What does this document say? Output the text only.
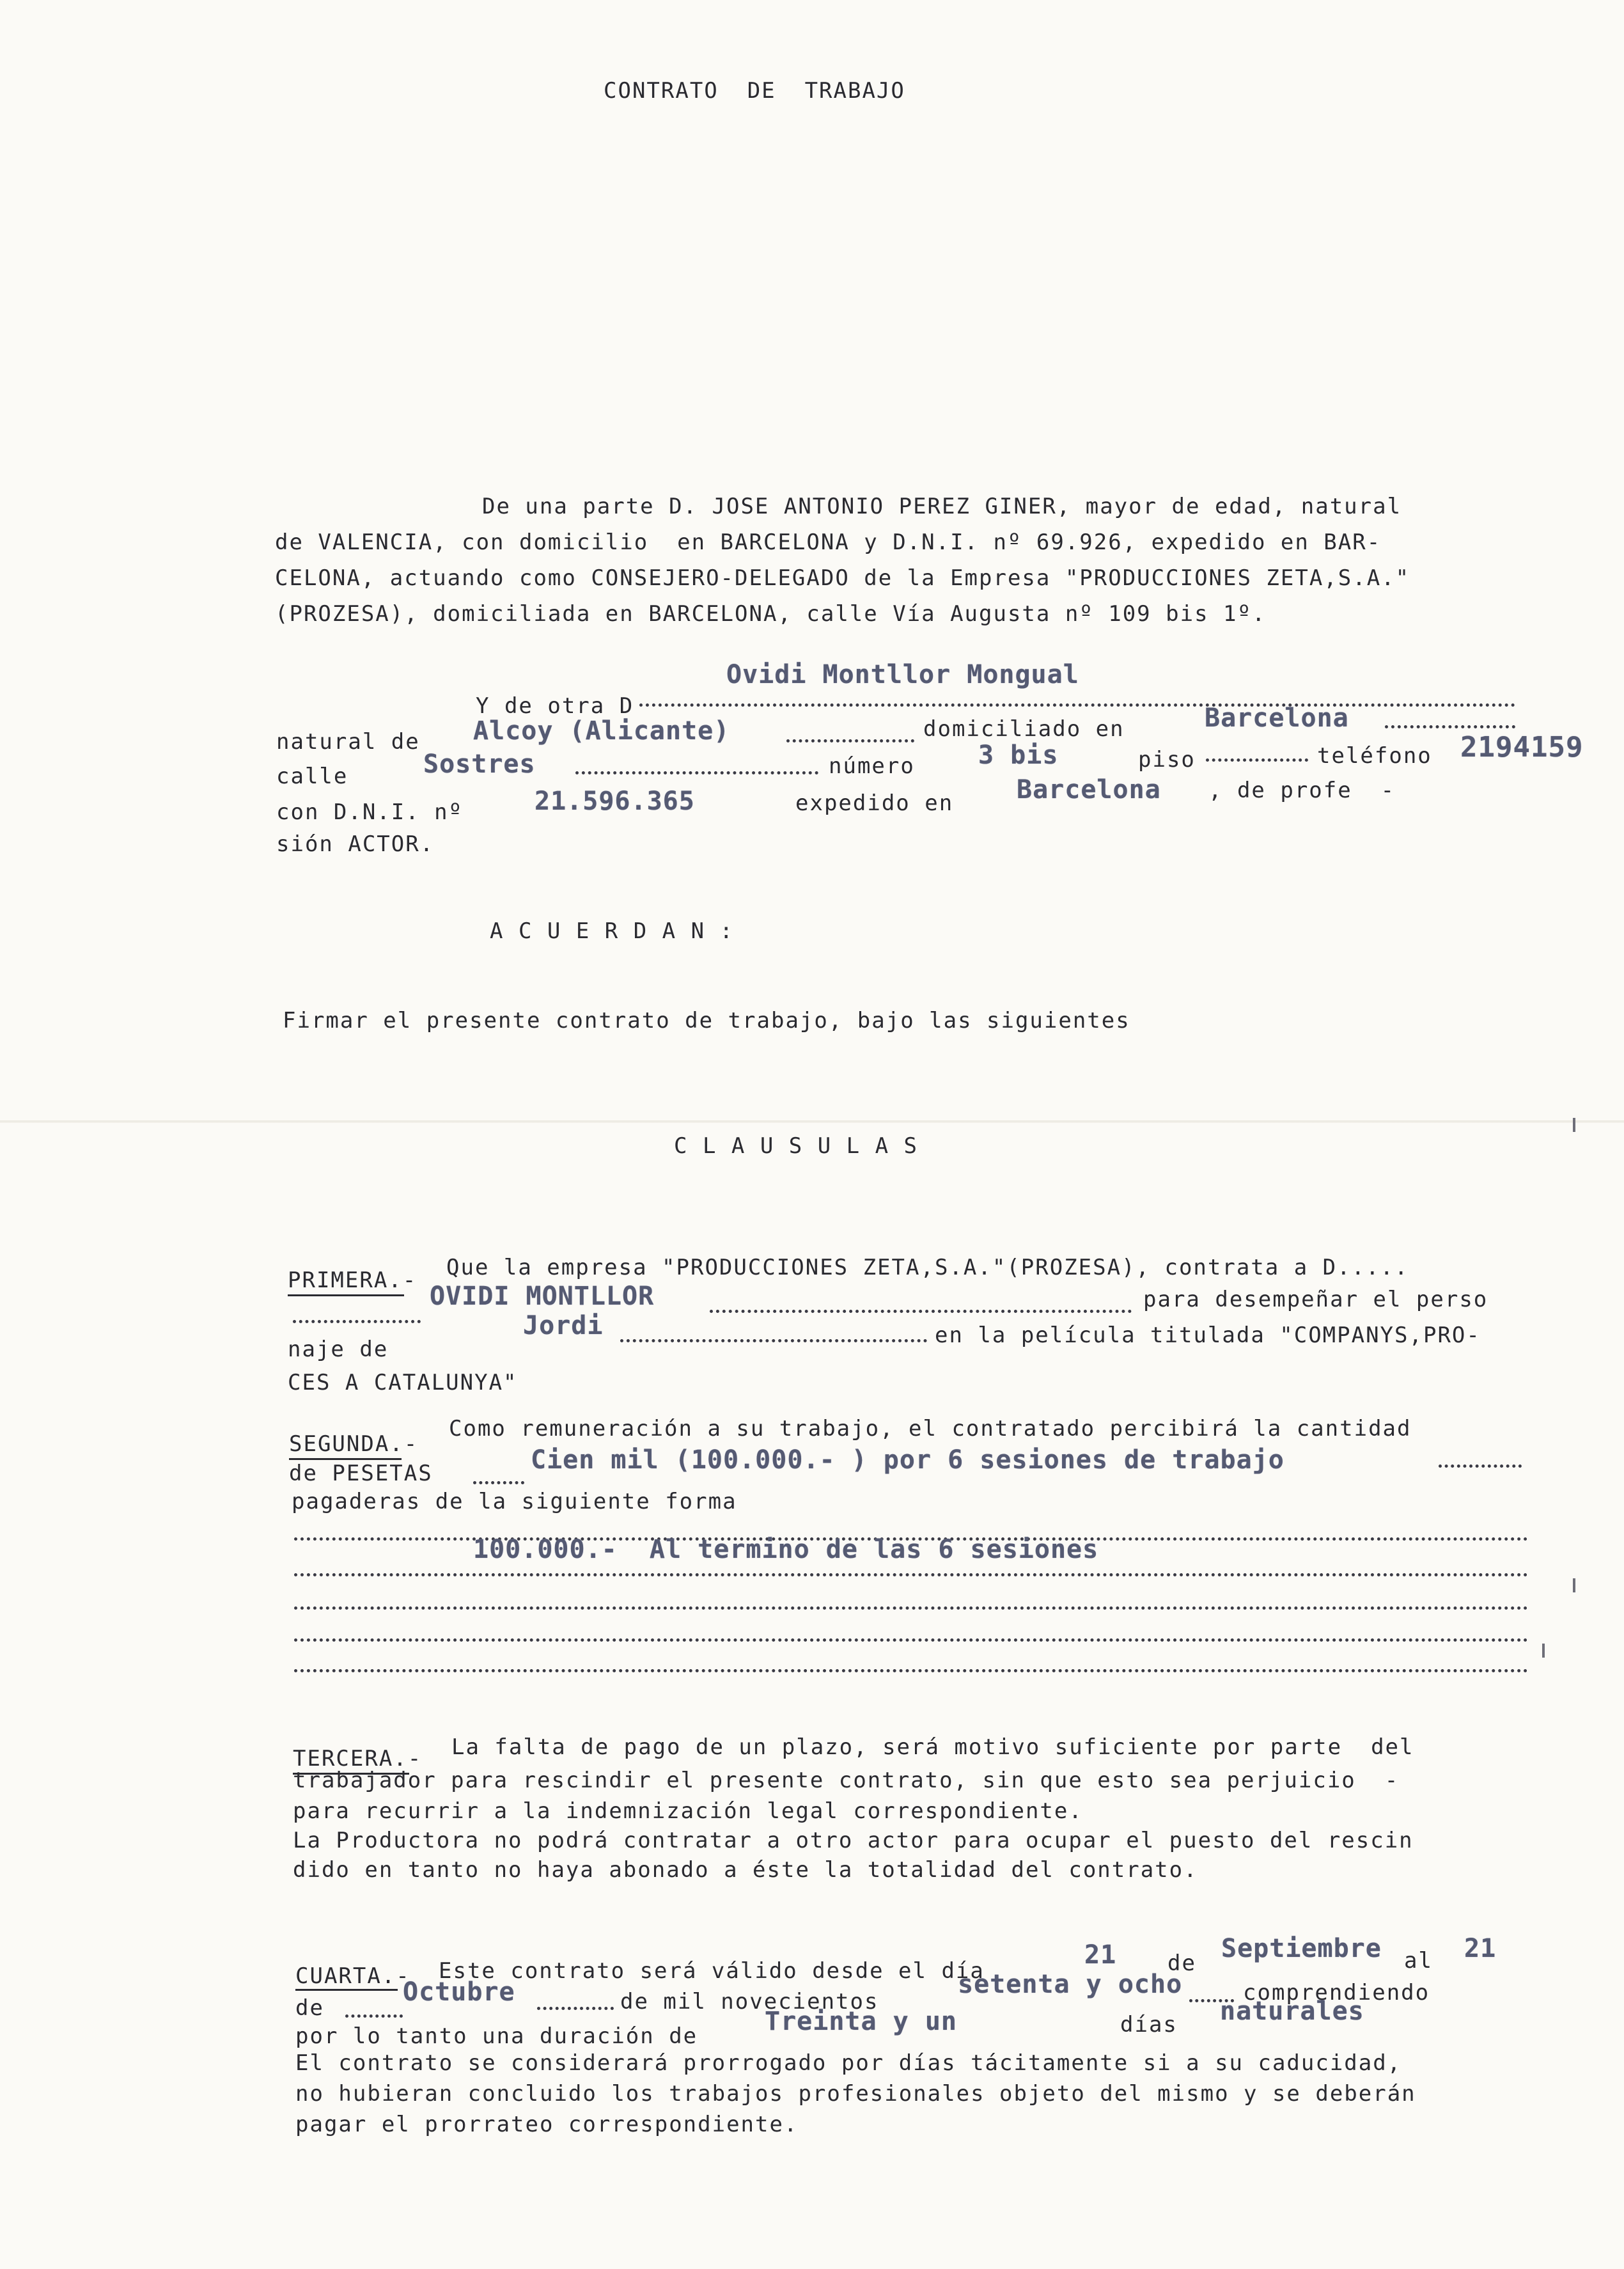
CONTRATO  DE  TRABAJO
De una parte D. JOSE ANTONIO PEREZ GINER, mayor de edad, natural
de VALENCIA, con domicilio  en BARCELONA y D.N.I. nº 69.926, expedido en BAR-
CELONA, actuando como CONSEJERO-DELEGADO de la Empresa "PRODUCCIONES ZETA,S.A."
(PROZESA), domiciliada en BARCELONA, calle Vía Augusta nº 109 bis 1º.
Ovidi Montllor Mongual
Y de otra D
natural de Alcoy (Alicante)	domiciliado en	Barcelona
calle	Sostres	número 3 bis	piso	teléfono 2194159
con D.N.I. nº	21.596.365	expedido en Barcelona , de profe  -
sión ACTOR.
A C U E R D A N :
Firmar el presente contrato de trabajo, bajo las siguientes
C L A U S U L A S
PRIMERA.- Que la empresa "PRODUCCIONES ZETA,S.A."(PROZESA), contrata a D.....
OVIDI MONTLLOR	para desempeñar el perso
naje de
Jordi	en la película titulada "COMPANYS,PRO-
CES A CATALUNYA"
SEGUNDA.-
Como remuneración a su trabajo, el contratado percibirá la cantidad
de PESETAS	Cien mil (100.000.- ) por 6 sesiones de trabajo
pagaderas de la siguiente forma
100.000.-  Al termino de las 6 sesiones
TERCERA.- La falta de pago de un plazo, será motivo suficiente por parte  del
trabajador para rescindir el presente contrato, sin que esto sea perjuicio  -
para recurrir a la indemnización legal correspondiente.
La Productora no podrá contratar a otro actor para ocupar el puesto del rescin
dido en tanto no haya abonado a éste la totalidad del contrato.
CUARTA.- Este contrato será válido desde el día
21 de Septiembre al 21
de
Octubre	de mil novecientos
setenta y ocho	comprendiendo
por lo tanto una duración de	Treinta y un	días naturales
El contrato se considerará prorrogado por días tácitamente si a su caducidad,
no hubieran concluido los trabajos profesionales objeto del mismo y se deberán
pagar el prorrateo correspondiente.
